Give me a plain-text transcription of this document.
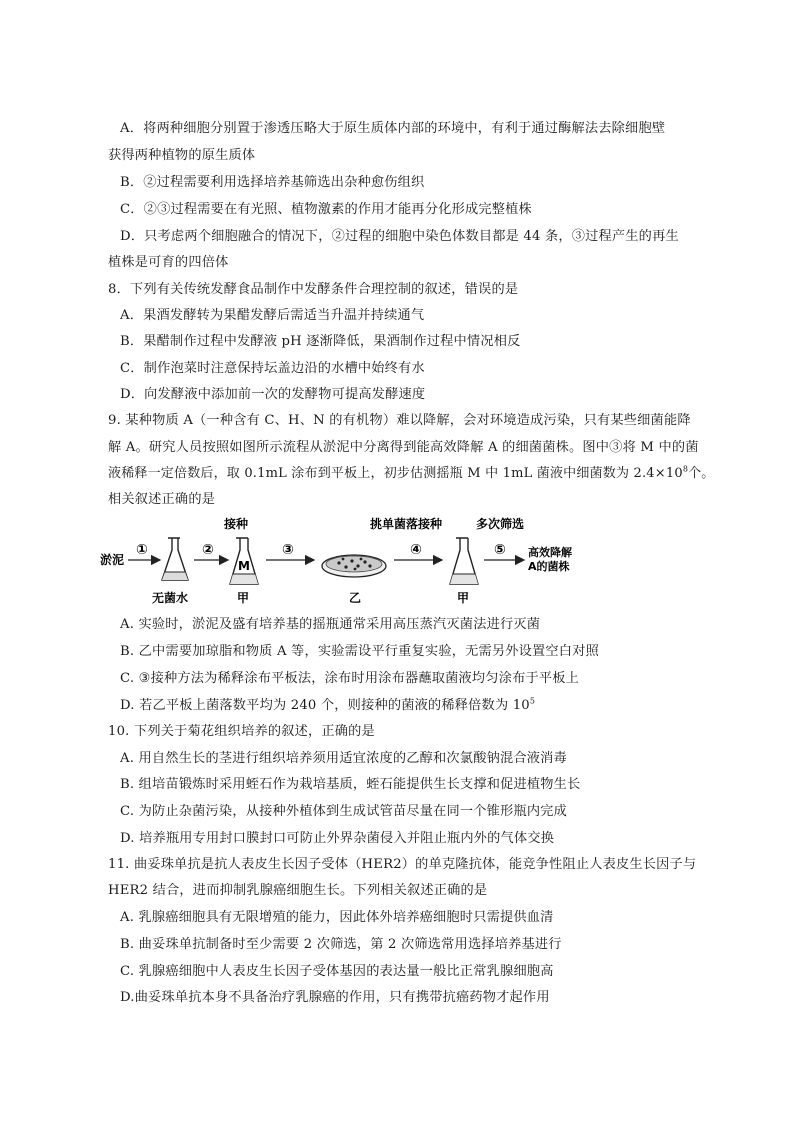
A．将两种细胞分别置于渗透压略大于原生质体内部的环境中，有利于通过酶解法去除细胞壁
获得两种植物的原生质体
B．②过程需要利用选择培养基筛选出杂种愈伤组织
C．②③过程需要在有光照、植物激素的作用才能再分化形成完整植株
D．只考虑两个细胞融合的情况下，②过程的细胞中染色体数目都是 44 条，③过程产生的再生
植株是可育的四倍体
8．下列有关传统发酵食品制作中发酵条件合理控制的叙述，错误的是
A．果酒发酵转为果醋发酵后需适当升温并持续通气
B．果醋制作过程中发酵液 pH 逐渐降低，果酒制作过程中情况相反
C．制作泡菜时注意保持坛盖边沿的水槽中始终有水
D．向发酵液中添加前一次的发酵物可提高发酵速度
9. 某种物质 A（一种含有 C、H、N 的有机物）难以降解，会对环境造成污染，只有某些细菌能降
解 A。研究人员按照如图所示流程从淤泥中分离得到能高效降解 A 的细菌菌株。图中③将 M 中的菌
液稀释一定倍数后，取 0.1mL 涂布到平板上，初步估测摇瓶 M 中 1mL 菌液中细菌数为 $2.4\times 10^8$个。
相关叙述正确的是
接种	挑单菌落接种	多次筛选
淤泥
①
无菌水
②
M
甲
③
乙
④
甲
⑤ 高效降解
A的菌株
A. 实验时，淤泥及盛有培养基的摇瓶通常采用高压蒸汽灭菌法进行灭菌
B. 乙中需要加琼脂和物质 A 等，实验需设平行重复实验，无需另外设置空白对照
C. ③接种方法为稀释涂布平板法，涂布时用涂布器蘸取菌液均匀涂布于平板上
D. 若乙平板上菌落数平均为 240 个，则接种的菌液的稀释倍数为 $10^5$
10. 下列关于菊花组织培养的叙述，正确的是
A. 用自然生长的茎进行组织培养须用适宜浓度的乙醇和次氯酸钠混合液消毒
B. 组培苗锻炼时采用蛭石作为栽培基质，蛭石能提供生长支撑和促进植物生长
C. 为防止杂菌污染，从接种外植体到生成试管苗尽量在同一个锥形瓶内完成
D. 培养瓶用专用封口膜封口可防止外界杂菌侵入并阻止瓶内外的气体交换
11. 曲妥珠单抗是抗人表皮生长因子受体（HER2）的单克隆抗体，能竞争性阻止人表皮生长因子与
HER2 结合，进而抑制乳腺癌细胞生长。下列相关叙述正确的是
A. 乳腺癌细胞具有无限增殖的能力，因此体外培养癌细胞时只需提供血清
B. 曲妥珠单抗制备时至少需要 2 次筛选，第 2 次筛选常用选择培养基进行
C. 乳腺癌细胞中人表皮生长因子受体基因的表达量一般比正常乳腺细胞高
D.曲妥珠单抗本身不具备治疗乳腺癌的作用，只有携带抗癌药物才起作用
